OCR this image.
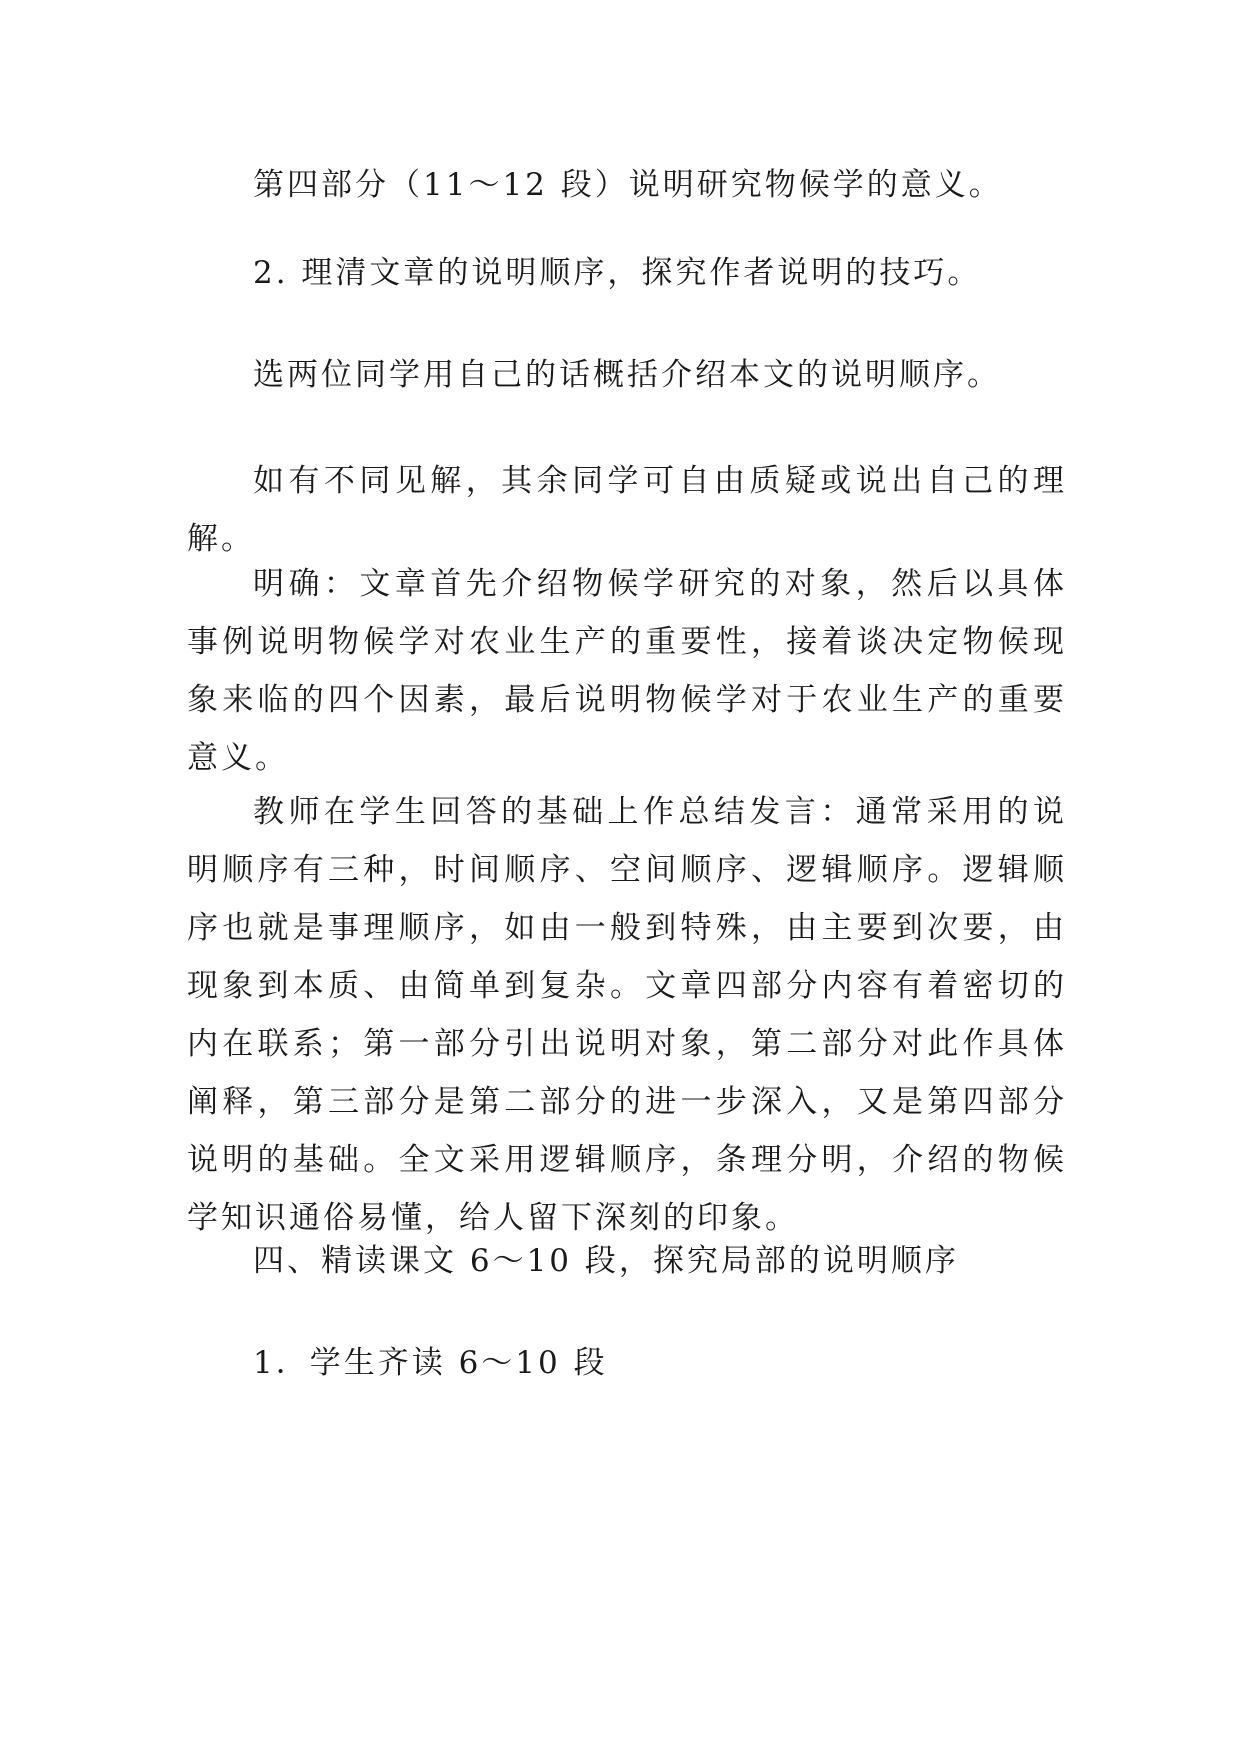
第四部分（11～12 段）说明研究物候学的意义。

2. 理清文章的说明顺序，探究作者说明的技巧。

选两位同学用自己的话概括介绍本文的说明顺序。

如有不同见解，其余同学可自由质疑或说出自己的理解。

明确：文章首先介绍物候学研究的对象，然后以具体事例说明物候学对农业生产的重要性，接着谈决定物候现象来临的四个因素，最后说明物候学对于农业生产的重要意义。

教师在学生回答的基础上作总结发言：通常采用的说明顺序有三种，时间顺序、空间顺序、逻辑顺序。逻辑顺序也就是事理顺序，如由一般到特殊，由主要到次要，由现象到本质、由简单到复杂。文章四部分内容有着密切的内在联系；第一部分引出说明对象，第二部分对此作具体阐释，第三部分是第二部分的进一步深入，又是第四部分说明的基础。全文采用逻辑顺序，条理分明，介绍的物候学知识通俗易懂，给人留下深刻的印象。

四、精读课文 6～10 段，探究局部的说明顺序

1．学生齐读 6～10 段
